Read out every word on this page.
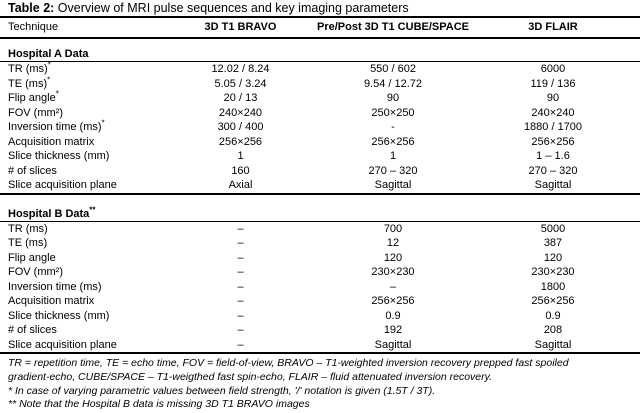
Table 2: Overview of MRI pulse sequences and key imaging parameters
Technique	3D T1 BRAVO	Pre/Post 3D T1 CUBE/SPACE	3D FLAIR
Hospital A Data
TR (ms)*	12.02 / 8.24	550 / 602	6000
TE (ms)*	5.05 / 3.24	9.54 / 12.72	119 / 136
Flip angle*	20 / 13	90	90
FOV (mm²)	240×240	250×250	240×240
Inversion time (ms)*	300 / 400	-	1880 / 1700
Acquisition matrix	256×256	256×256	256×256
Slice thickness (mm)	1	1	1 – 1.6
# of slices	160	270 – 320	270 – 320
Slice acquisition plane	Axial	Sagittal	Sagittal
Hospital B Data**
TR (ms)	–	700	5000
TE (ms)	–	12	387
Flip angle	–	120	120
FOV (mm²)	–	230×230	230×230
Inversion time (ms)	–	–	1800
Acquisition matrix	–	256×256	256×256
Slice thickness (mm)	–	0.9	0.9
# of slices	–	192	208
Slice acquisition plane	–	Sagittal	Sagittal
TR = repetition time, TE = echo time, FOV = field-of-view, BRAVO – T1-weighted inversion recovery prepped fast spoiled
gradient-echo, CUBE/SPACE – T1-weigthed fast spin-echo, FLAIR – fluid attenuated inversion recovery.
* In case of varying parametric values between field strength, '/' notation is given (1.5T / 3T).
** Note that the Hospital B data is missing 3D T1 BRAVO images
